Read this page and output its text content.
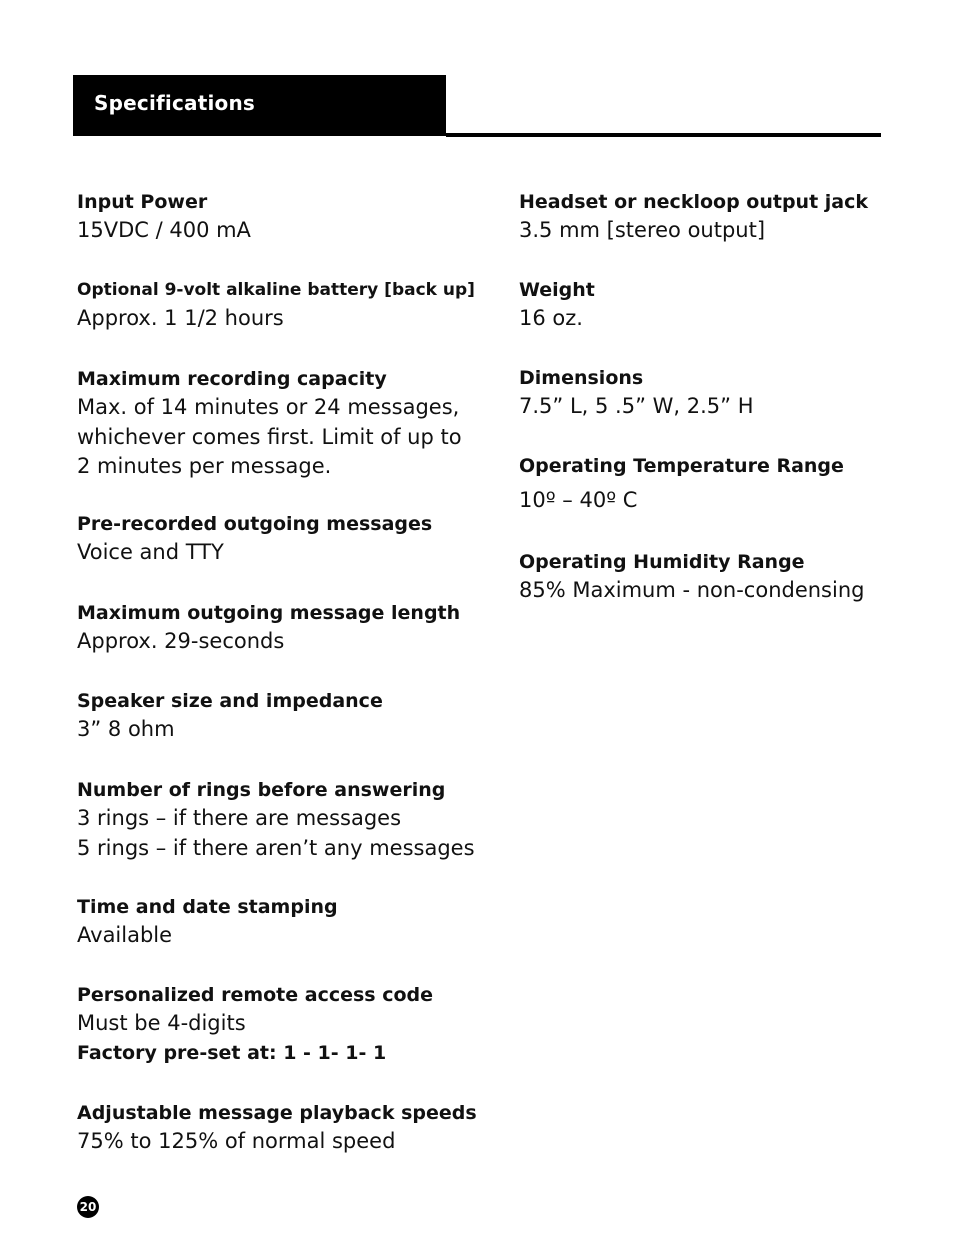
Specifications
Input Power
15VDC / 400 mA
Optional 9-volt alkaline battery [back up]
Approx. 1 1/2 hours
Maximum recording capacity
Max. of 14 minutes or 24 messages,
whichever comes first. Limit of up to
2 minutes per message.
Pre-recorded outgoing messages
Voice and TTY
Maximum outgoing message length
Approx. 29-seconds
Speaker size and impedance
3” 8 ohm
Number of rings before answering
3 rings – if there are messages
5 rings – if there aren’t any messages
Time and date stamping
Available
Personalized remote access code
Must be 4-digits
Factory pre-set at: 1 - 1- 1- 1
Adjustable message playback speeds
75% to 125% of normal speed
Headset or neckloop output jack
3.5 mm [stereo output]
Weight
16 oz.
Dimensions
7.5” L, 5 .5” W, 2.5” H
Operating Temperature Range
10º – 40º C
Operating Humidity Range
85% Maximum - non-condensing
20
